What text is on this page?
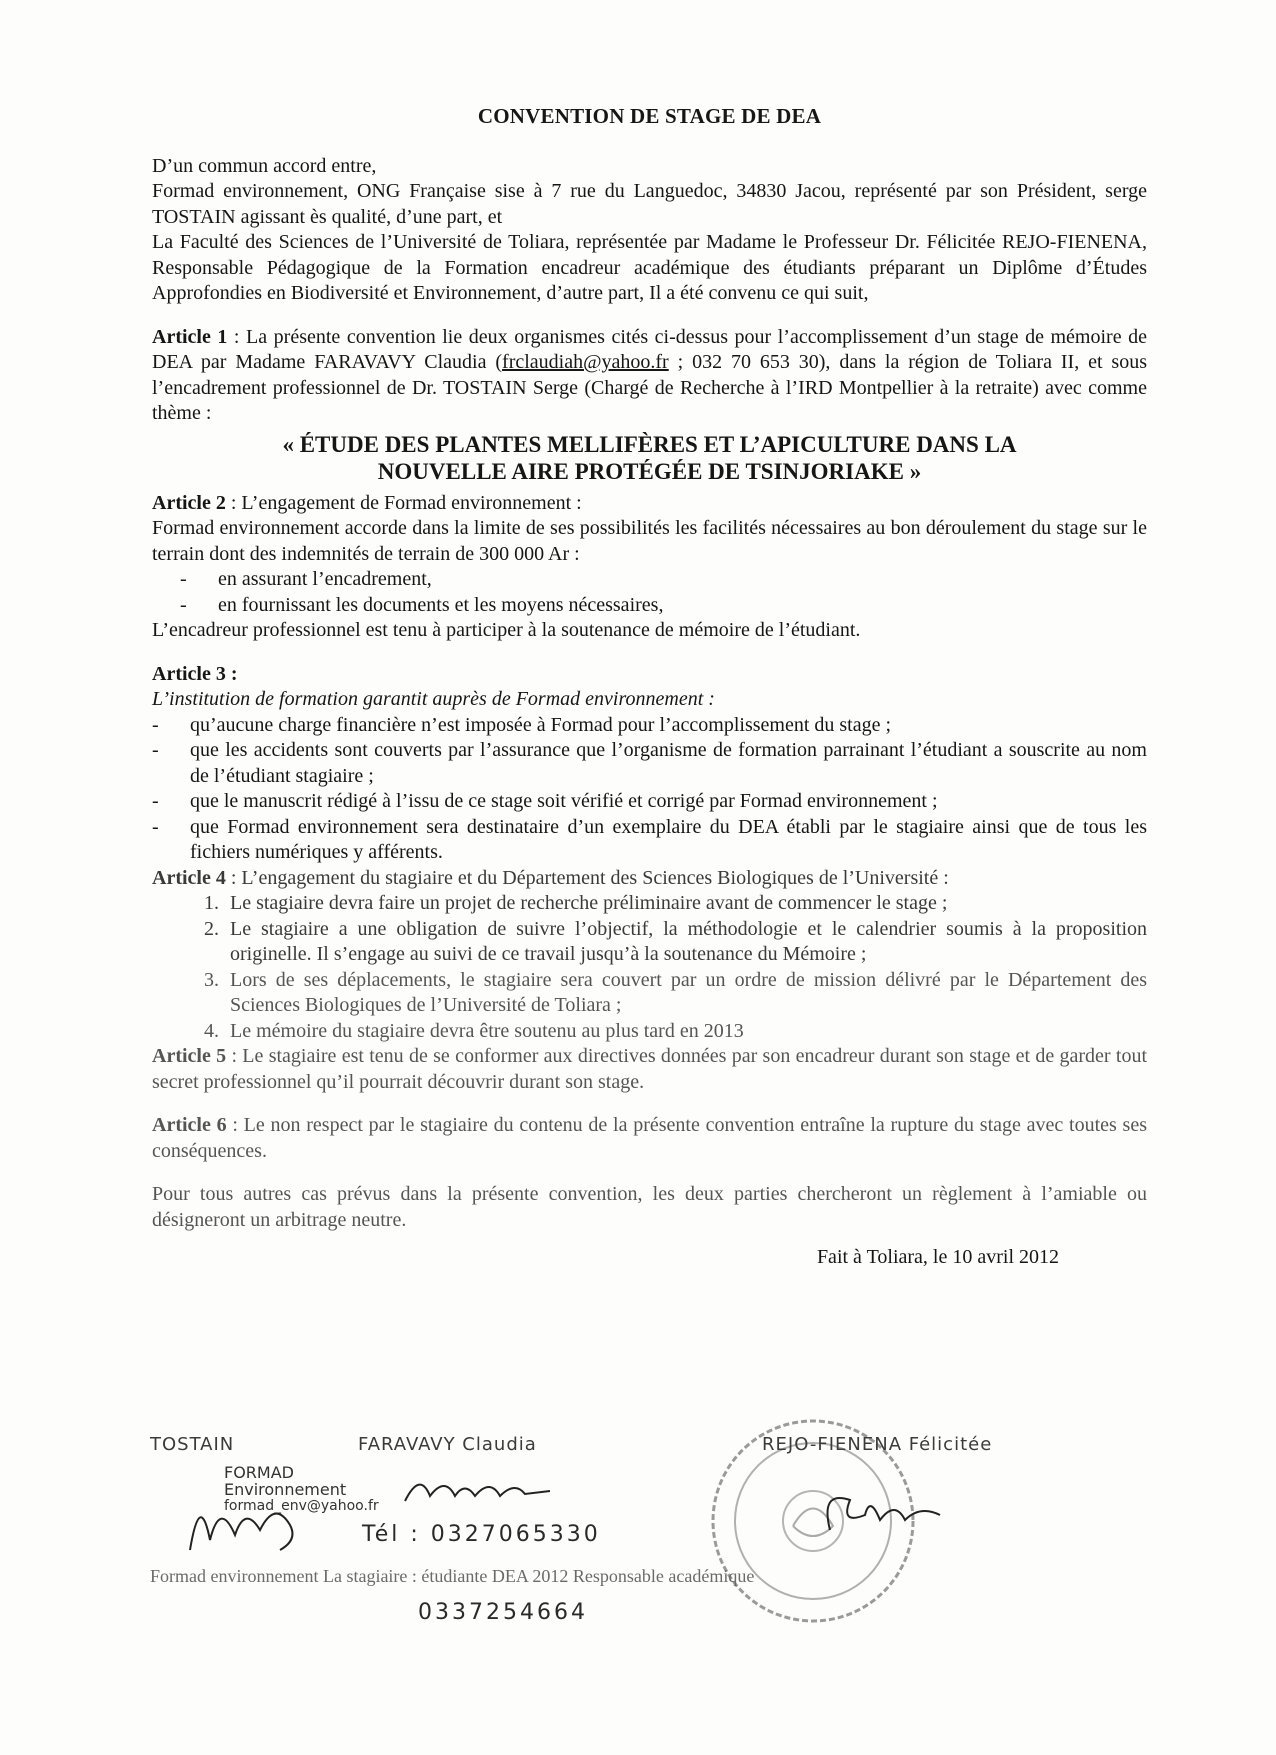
CONVENTION DE STAGE DE DEA

D’un commun accord entre,

Formad environnement, ONG Française sise à 7 rue du Languedoc, 34830 Jacou, représenté par son Président, serge TOSTAIN agissant ès qualité, d’une part, et

La Faculté des Sciences de l’Université de Toliara, représentée par Madame le Professeur Dr. Félicitée REJO-FIENENA, Responsable Pédagogique de la Formation encadreur académique des étudiants préparant un Diplôme d’Études Approfondies en Biodiversité et Environnement, d’autre part, Il a été convenu ce qui suit,

Article 1 : La présente convention lie deux organismes cités ci-dessus pour l’accomplissement d’un stage de mémoire de DEA par Madame FARAVAVY Claudia (frclaudiah@yahoo.fr ; 032 70 653 30), dans la région de Toliara II, et sous l’encadrement professionnel de Dr. TOSTAIN Serge (Chargé de Recherche à l’IRD Montpellier à la retraite) avec comme thème :

« ÉTUDE DES PLANTES MELLIFÈRES ET L’APICULTURE DANS LA
NOUVELLE AIRE PROTÉGÉE DE TSINJORIAKE »

Article 2 : L’engagement de Formad environnement :

Formad environnement accorde dans la limite de ses possibilités les facilités nécessaires au bon déroulement du stage sur le terrain dont des indemnités de terrain de 300 000 Ar :

- en assurant l’encadrement,
- en fournissant les documents et les moyens nécessaires,

L’encadreur professionnel est tenu à participer à la soutenance de mémoire de l’étudiant.

Article 3 :

L’institution de formation garantit auprès de Formad environnement :

- qu’aucune charge financière n’est imposée à Formad pour l’accomplissement du stage ;
- que les accidents sont couverts par l’assurance que l’organisme de formation parrainant l’étudiant a souscrite au nom de l’étudiant stagiaire ;
- que le manuscrit rédigé à l’issu de ce stage soit vérifié et corrigé par Formad environnement ;
- que Formad environnement sera destinataire d’un exemplaire du DEA établi par le stagiaire ainsi que de tous les fichiers numériques y afférents.

Article 4 : L’engagement du stagiaire et du Département des Sciences Biologiques de l’Université :

1. Le stagiaire devra faire un projet de recherche préliminaire avant de commencer le stage ;
2. Le stagiaire a une obligation de suivre l’objectif, la méthodologie et le calendrier soumis à la proposition originelle. Il s’engage au suivi de ce travail jusqu’à la soutenance du Mémoire ;
3. Lors de ses déplacements, le stagiaire sera couvert par un ordre de mission délivré par le Département des Sciences Biologiques de l’Université de Toliara ;
4. Le mémoire du stagiaire devra être soutenu au plus tard en 2013

Article 5 : Le stagiaire est tenu de se conformer aux directives données par son encadreur durant son stage et de garder tout secret professionnel qu’il pourrait découvrir durant son stage.

Article 6 : Le non respect par le stagiaire du contenu de la présente convention entraîne la rupture du stage avec toutes ses conséquences.

Pour tous autres cas prévus dans la présente convention, les deux parties chercheront un règlement à l’amiable ou désigneront un arbitrage neutre.

Fait à Toliara, le 10 avril 2012

TOSTAIN
FORMAD
Environnement
formad_env@yahoo.fr
FARAVAVY Claudia
Tél : 0327065330
0337254664
REJO-FIENENA Félicitée
Formad environnement La stagiaire : étudiante DEA 2012 Responsable académique
